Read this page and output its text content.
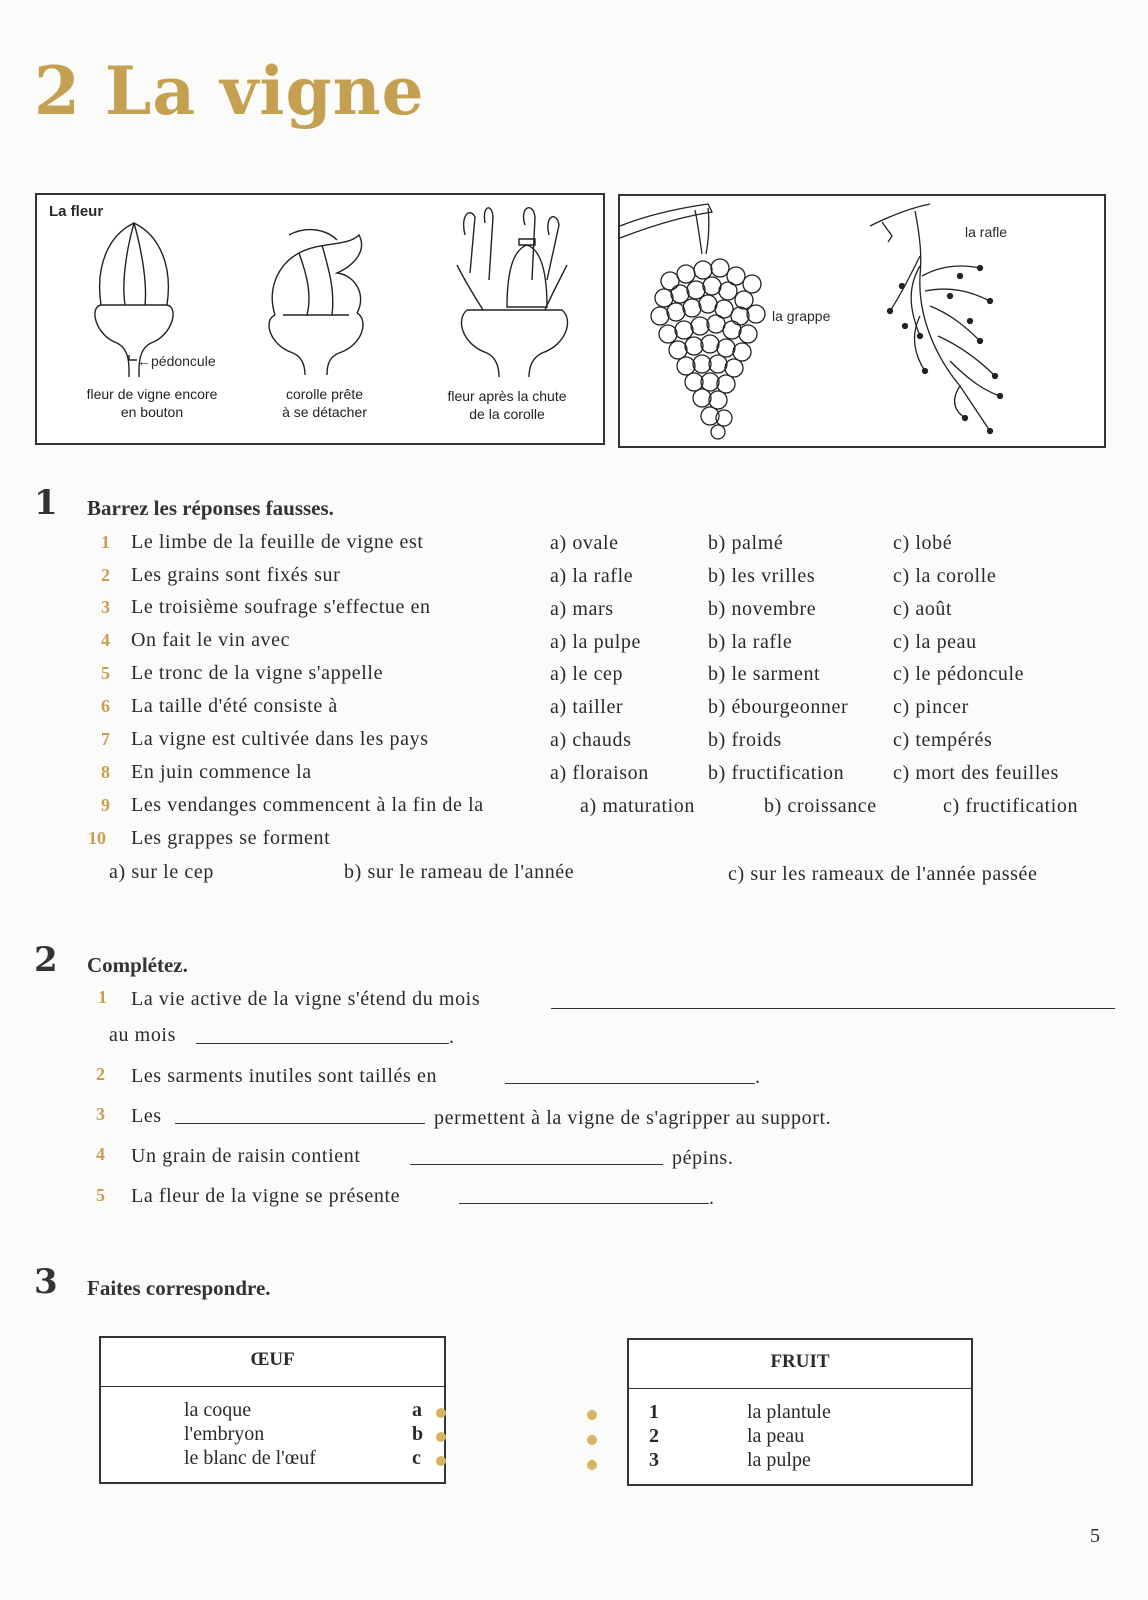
2 La vigne
La fleur
←pédoncule
fleur de vigne encore
en bouton
corolle prête
à se détacher
fleur après la chute
de la corolle
la grappe
la rafle
1 Barrez les réponses fausses.
1 Le limbe de la feuille de vigne est	a) ovale	b) palmé	c) lobé
2 Les grains sont fixés sur	a) la rafle	b) les vrilles	c) la corolle
3 Le troisième soufrage s'effectue en	a) mars	b) novembre	c) août
4 On fait le vin avec	a) la pulpe	b) la rafle	c) la peau
5 Le tronc de la vigne s'appelle	a) le cep	b) le sarment	c) le pédoncule
6 La taille d'été consiste à	a) tailler	b) ébourgeonner c) pincer
7 La vigne est cultivée dans les pays	a) chauds	b) froids	c) tempérés
8 En juin commence la	a) floraison	b) fructification c) mort des feuilles
9 Les vendanges commencent à la fin de la	a) maturation	b) croissance	c) fructification
10 Les grappes se forment
a) sur le cep	b) sur le rameau de l'année	c) sur les rameaux de l'année passée
2 Complétez.
1 La vie active de la vigne s'étend du mois
au mois	.
2 Les sarments inutiles sont taillés en	.
3 Les	permettent à la vigne de s'agripper au support.
4 Un grain de raisin contient	pépins.
5 La fleur de la vigne se présente	.
3 Faites correspondre.
ŒUF
la coque	a
l'embryon	b
le blanc de l'œuf	c
FRUIT
1	la plantule
2	la peau
3	la pulpe
5
